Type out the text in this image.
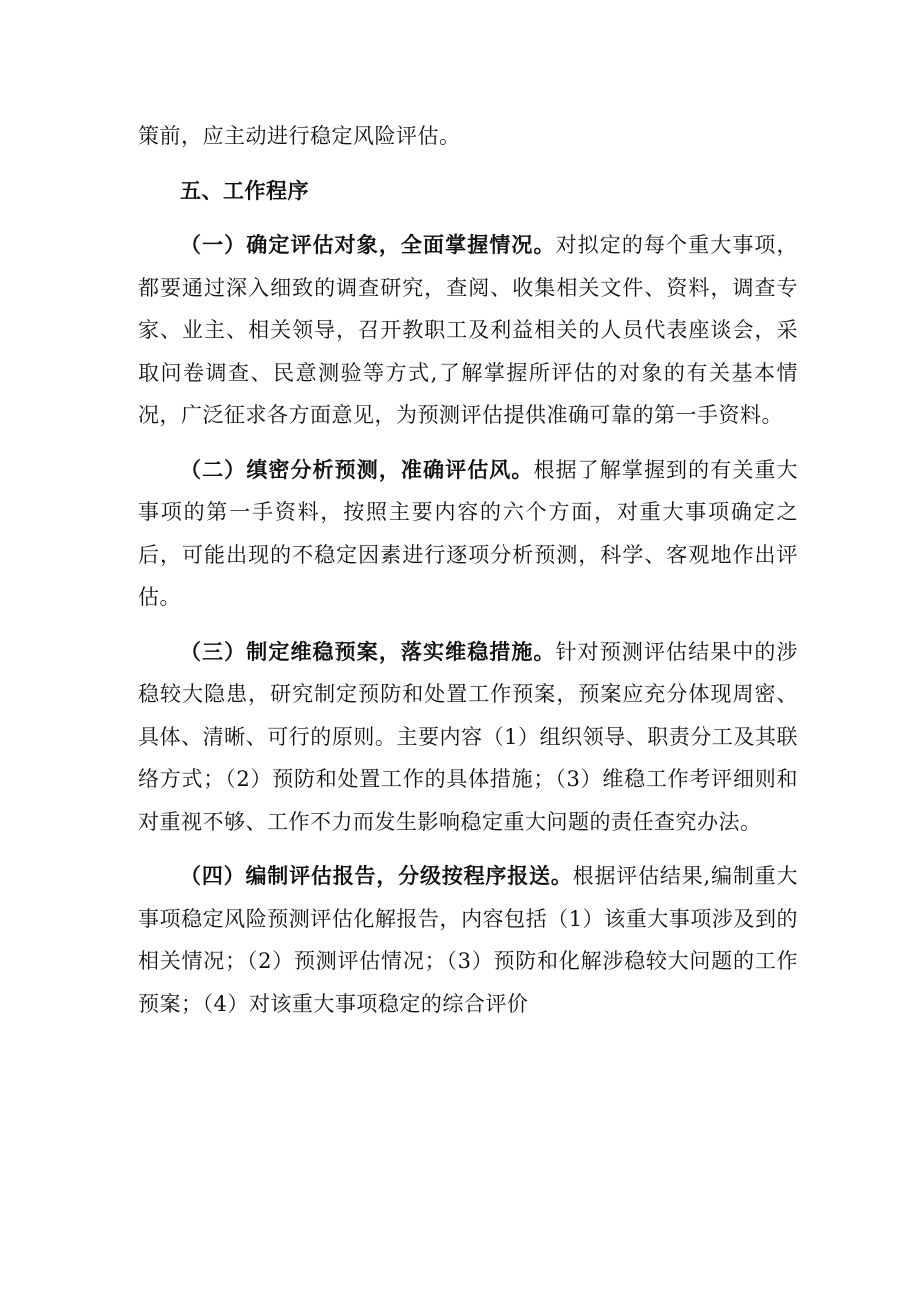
策前，应主动进行稳定风险评估。

五、工作程序

（一）确定评估对象，全面掌握情况。对拟定的每个重大事项，都要通过深入细致的调查研究，查阅、收集相关文件、资料，调查专家、业主、相关领导，召开教职工及利益相关的人员代表座谈会，采取问卷调查、民意测验等方式,了解掌握所评估的对象的有关基本情况，广泛征求各方面意见，为预测评估提供准确可靠的第一手资料。

（二）缜密分析预测，准确评估风。根据了解掌握到的有关重大事项的第一手资料，按照主要内容的六个方面，对重大事项确定之后，可能出现的不稳定因素进行逐项分析预测，科学、客观地作出评估。

（三）制定维稳预案，落实维稳措施。针对预测评估结果中的涉稳较大隐患，研究制定预防和处置工作预案，预案应充分体现周密、具体、清晰、可行的原则。主要内容（1）组织领导、职责分工及其联络方式；（2）预防和处置工作的具体措施；（3）维稳工作考评细则和对重视不够、工作不力而发生影响稳定重大问题的责任查究办法。

（四）编制评估报告，分级按程序报送。根据评估结果,编制重大事项稳定风险预测评估化解报告，内容包括（1）该重大事项涉及到的相关情况；（2）预测评估情况；（3）预防和化解涉稳较大问题的工作预案；（4）对该重大事项稳定的综合评价
